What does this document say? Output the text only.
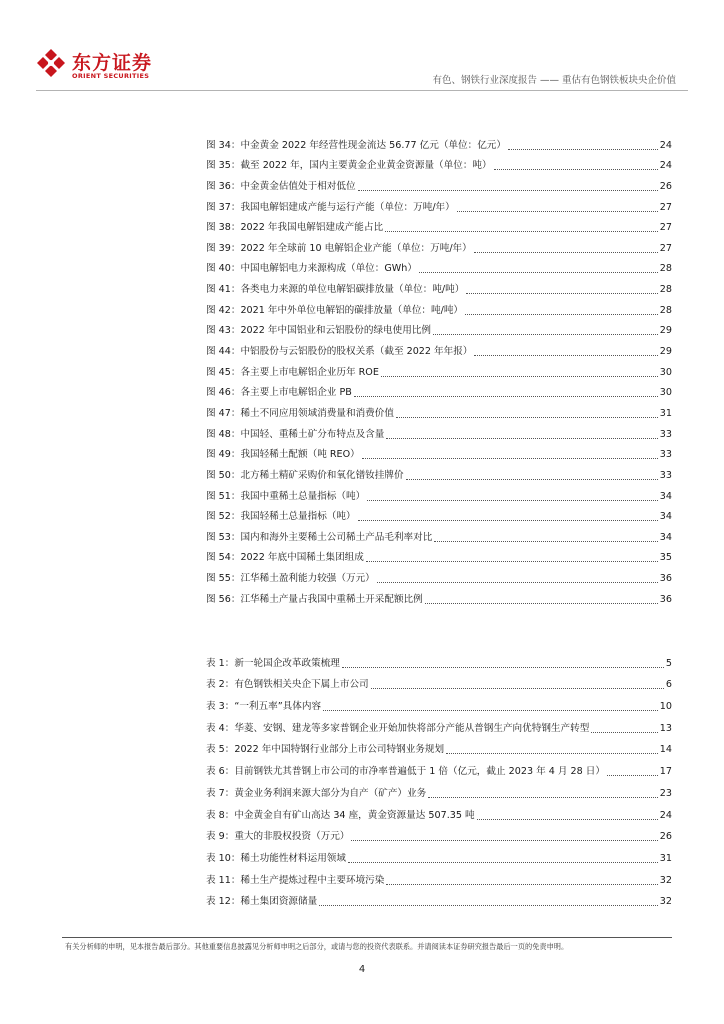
东方证券
ORIENT SECURITIES	有色、钢铁行业深度报告 —— 重估有色钢铁板块央企价值
图 34： 中金黄金 2022 年经营性现金流达 56.77 亿元（单位：亿元）	24
图 35： 截至 2022 年，国内主要黄金企业黄金资源量（单位：吨）	24
图 36： 中金黄金估值处于相对低位	26
图 37： 我国电解铝建成产能与运行产能（单位：万吨/年）	27
图 38： 2022 年我国电解铝建成产能占比	27
图 39： 2022 年全球前 10 电解铝企业产能（单位：万吨/年）	27
图 40： 中国电解铝电力来源构成（单位：GWh）	28
图 41： 各类电力来源的单位电解铝碳排放量（单位：吨/吨）	28
图 42： 2021 年中外单位电解铝的碳排放量（单位：吨/吨）	28
图 43： 2022 年中国铝业和云铝股份的绿电使用比例	29
图 44： 中铝股份与云铝股份的股权关系（截至 2022 年年报）	29
图 45： 各主要上市电解铝企业历年 ROE	30
图 46： 各主要上市电解铝企业 PB	30
图 47： 稀土不同应用领域消费量和消费价值	31
图 48： 中国轻、重稀土矿分布特点及含量	33
图 49： 我国轻稀土配额（吨 REO）	33
图 50： 北方稀土精矿采购价和氧化镨钕挂牌价	33
图 51： 我国中重稀土总量指标（吨）	34
图 52： 我国轻稀土总量指标（吨）	34
图 53： 国内和海外主要稀土公司稀土产品毛利率对比	34
图 54： 2022 年底中国稀土集团组成	35
图 55： 江华稀土盈利能力较强（万元）	36
图 56： 江华稀土产量占我国中重稀土开采配额比例	36
表 1： 新一轮国企改革政策梳理	5
表 2： 有色钢铁相关央企下属上市公司	6
表 3： “一利五率”具体内容	10
表 4： 华菱、安钢、建龙等多家普钢企业开始加快将部分产能从普钢生产向优特钢生产转型	13
表 5： 2022 年中国特钢行业部分上市公司特钢业务规划	14
表 6： 目前钢铁尤其普钢上市公司的市净率普遍低于 1 倍（亿元，截止 2023 年 4 月 28 日）	17
表 7： 黄金业务利润来源大部分为自产（矿产）业务	23
表 8： 中金黄金自有矿山高达 34 座，黄金资源量达 507.35 吨	24
表 9： 重大的非股权投资（万元）	26
表 10： 稀土功能性材料运用领域	31
表 11： 稀土生产提炼过程中主要环境污染	32
表 12： 稀土集团资源储量	32
有关分析师的申明，见本报告最后部分。其他重要信息披露见分析师申明之后部分，或请与您的投资代表联系。并请阅读本证券研究报告最后一页的免责申明。
4
